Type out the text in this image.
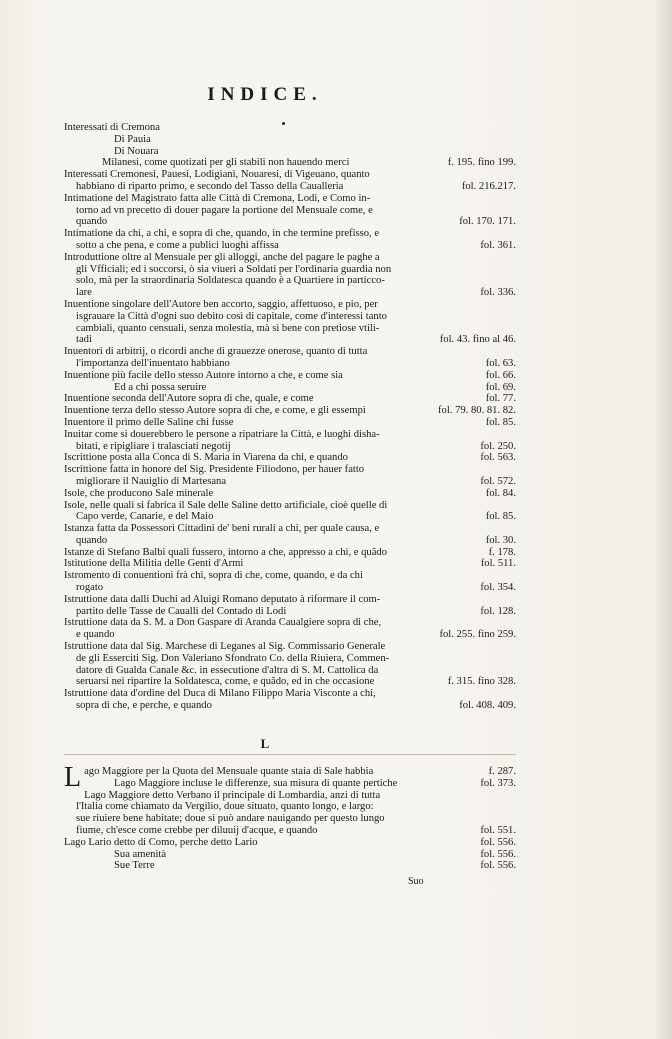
INDICE.
Interessati di Cremona
Di Pauia
Di Nouara
Milanesi, come quotizati per gli stabili non hauendo merci	f. 195. fino 199.
Interessati Cremonesi, Pauesi, Lodigiani, Nouaresi, di Vigeuano, quanto
habbiano di riparto primo, e secondo del Tasso della Caualleria	fol. 216.217.
Intimatione del Magistrato fatta alle Città di Cremona, Lodi, e Como in-
torno ad vn precetto di douer pagare la portione del Mensuale come, e
quando	fol. 170. 171.
Intimatione da chi, a chi, e sopra di che, quando, in che termine prefisso, e
sotto a che pena, e come a publici luoghi affissa	fol. 361.
Introduttione oltre al Mensuale per gli alloggi, anche del pagare le paghe a
gli Vfficiali; ed i soccorsi, ò sia viueri a Soldati per l'ordinaria guardia non
solo, mà per la straordinaria Soldatesca quando è a Quartiere in particco-
lare	fol. 336.
Inuentione singolare dell'Autore ben accorto, saggio, affettuoso, e pio, per
isgrauare la Città d'ogni suo debito così di capitale, come d'interessi tanto
cambiali, quanto censuali, senza molestia, mà sì bene con pretiose vtili-
tadi	fol. 43. fino al 46.
Inuentori di arbitrij, o ricordi anche di grauezze onerose, quanto di tutta
l'importanza dell'inuentato habbiano	fol. 63.
Inuentione più facile dello stesso Autore intorno a che, e come sia	fol. 66.
Ed a chi possa seruire	fol. 69.
Inuentione seconda dell'Autore sopra di che, quale, e come	fol. 77.
Inuentione terza dello stesso Autore sopra di che, e come, e gli essempi	fol. 79. 80. 81. 82.
Inuentore il primo delle Saline chi fusse	fol. 85.
Inuitar come si douerebbero le persone a ripatriare la Città, e luoghi disha-
bitati, e ripigliare i tralasciati negotij	fol. 250.
Iscrittione posta alla Conca di S. Maria in Viarena da chi, e quando	fol. 563.
Iscrittione fatta in honore del Sig. Presidente Filiodono, per hauer fatto
migliorare il Nauiglio di Martesana	fol. 572.
Isole, che producono Sale minerale	fol. 84.
Isole, nelle quali si fabrica il Sale delle Saline detto artificiale, cioè quelle di
Capo verde, Canarie, e del Maio	fol. 85.
Istanza fatta da Possessori Cittadini de' beni rurali a chi, per quale causa, e
quando	fol. 30.
Istanze di Stefano Balbi quali fussero, intorno a che, appresso a chi, e quãdo	f. 178.
Istitutione della Militia delle Genti d'Armi	fol. 511.
Istromento di conuentioni frà chi, sopra di che, come, quando, e da chi
rogato	fol. 354.
Istruttione data dalli Duchi ad Aluigi Romano deputato à riformare il com-
partito delle Tasse de Caualli del Contado di Lodi	fol. 128.
Istruttione data da S. M. a Don Gaspare di Aranda Caualgiere sopra di che,
e quando	fol. 255. fino 259.
Istruttione data dal Sig. Marchese di Leganes al Sig. Commissario Generale
de gli Esserciti Sig. Don Valeriano Sfondrato Co. della Riuiera, Commen-
datore di Gualda Canale &c. in essecutione d'altra di S. M. Cattolica da
seruarsi nei ripartire la Soldatesca, come, e quãdo, ed in che occasione	f. 315. fino 328.
Istruttione data d'ordine del Duca di Milano Filippo Maria Visconte a chi,
sopra di che, e perche, e quando	fol. 408. 409.
L
Lago Maggiore per la Quota del Mensuale quante staia di Sale habbia	f. 287.
Lago Maggiore incluse le differenze, sua misura di quante pertiche	fol. 373.
Lago Maggiore detto Verbano il principale di Lombardia, anzi di tutta
l'Italia come chiamato da Vergilio, doue situato, quanto longo, e largo:
sue riuiere bene habitate; doue si può andare nauigando per questo lungo
fiume, ch'esce come crebbe per diluuij d'acque, e quando	fol. 551.
Lago Lario detto di Como, perche detto Lario	fol. 556.
Sua amenità	fol. 556.
Sue Terre	fol. 556.
Suo
